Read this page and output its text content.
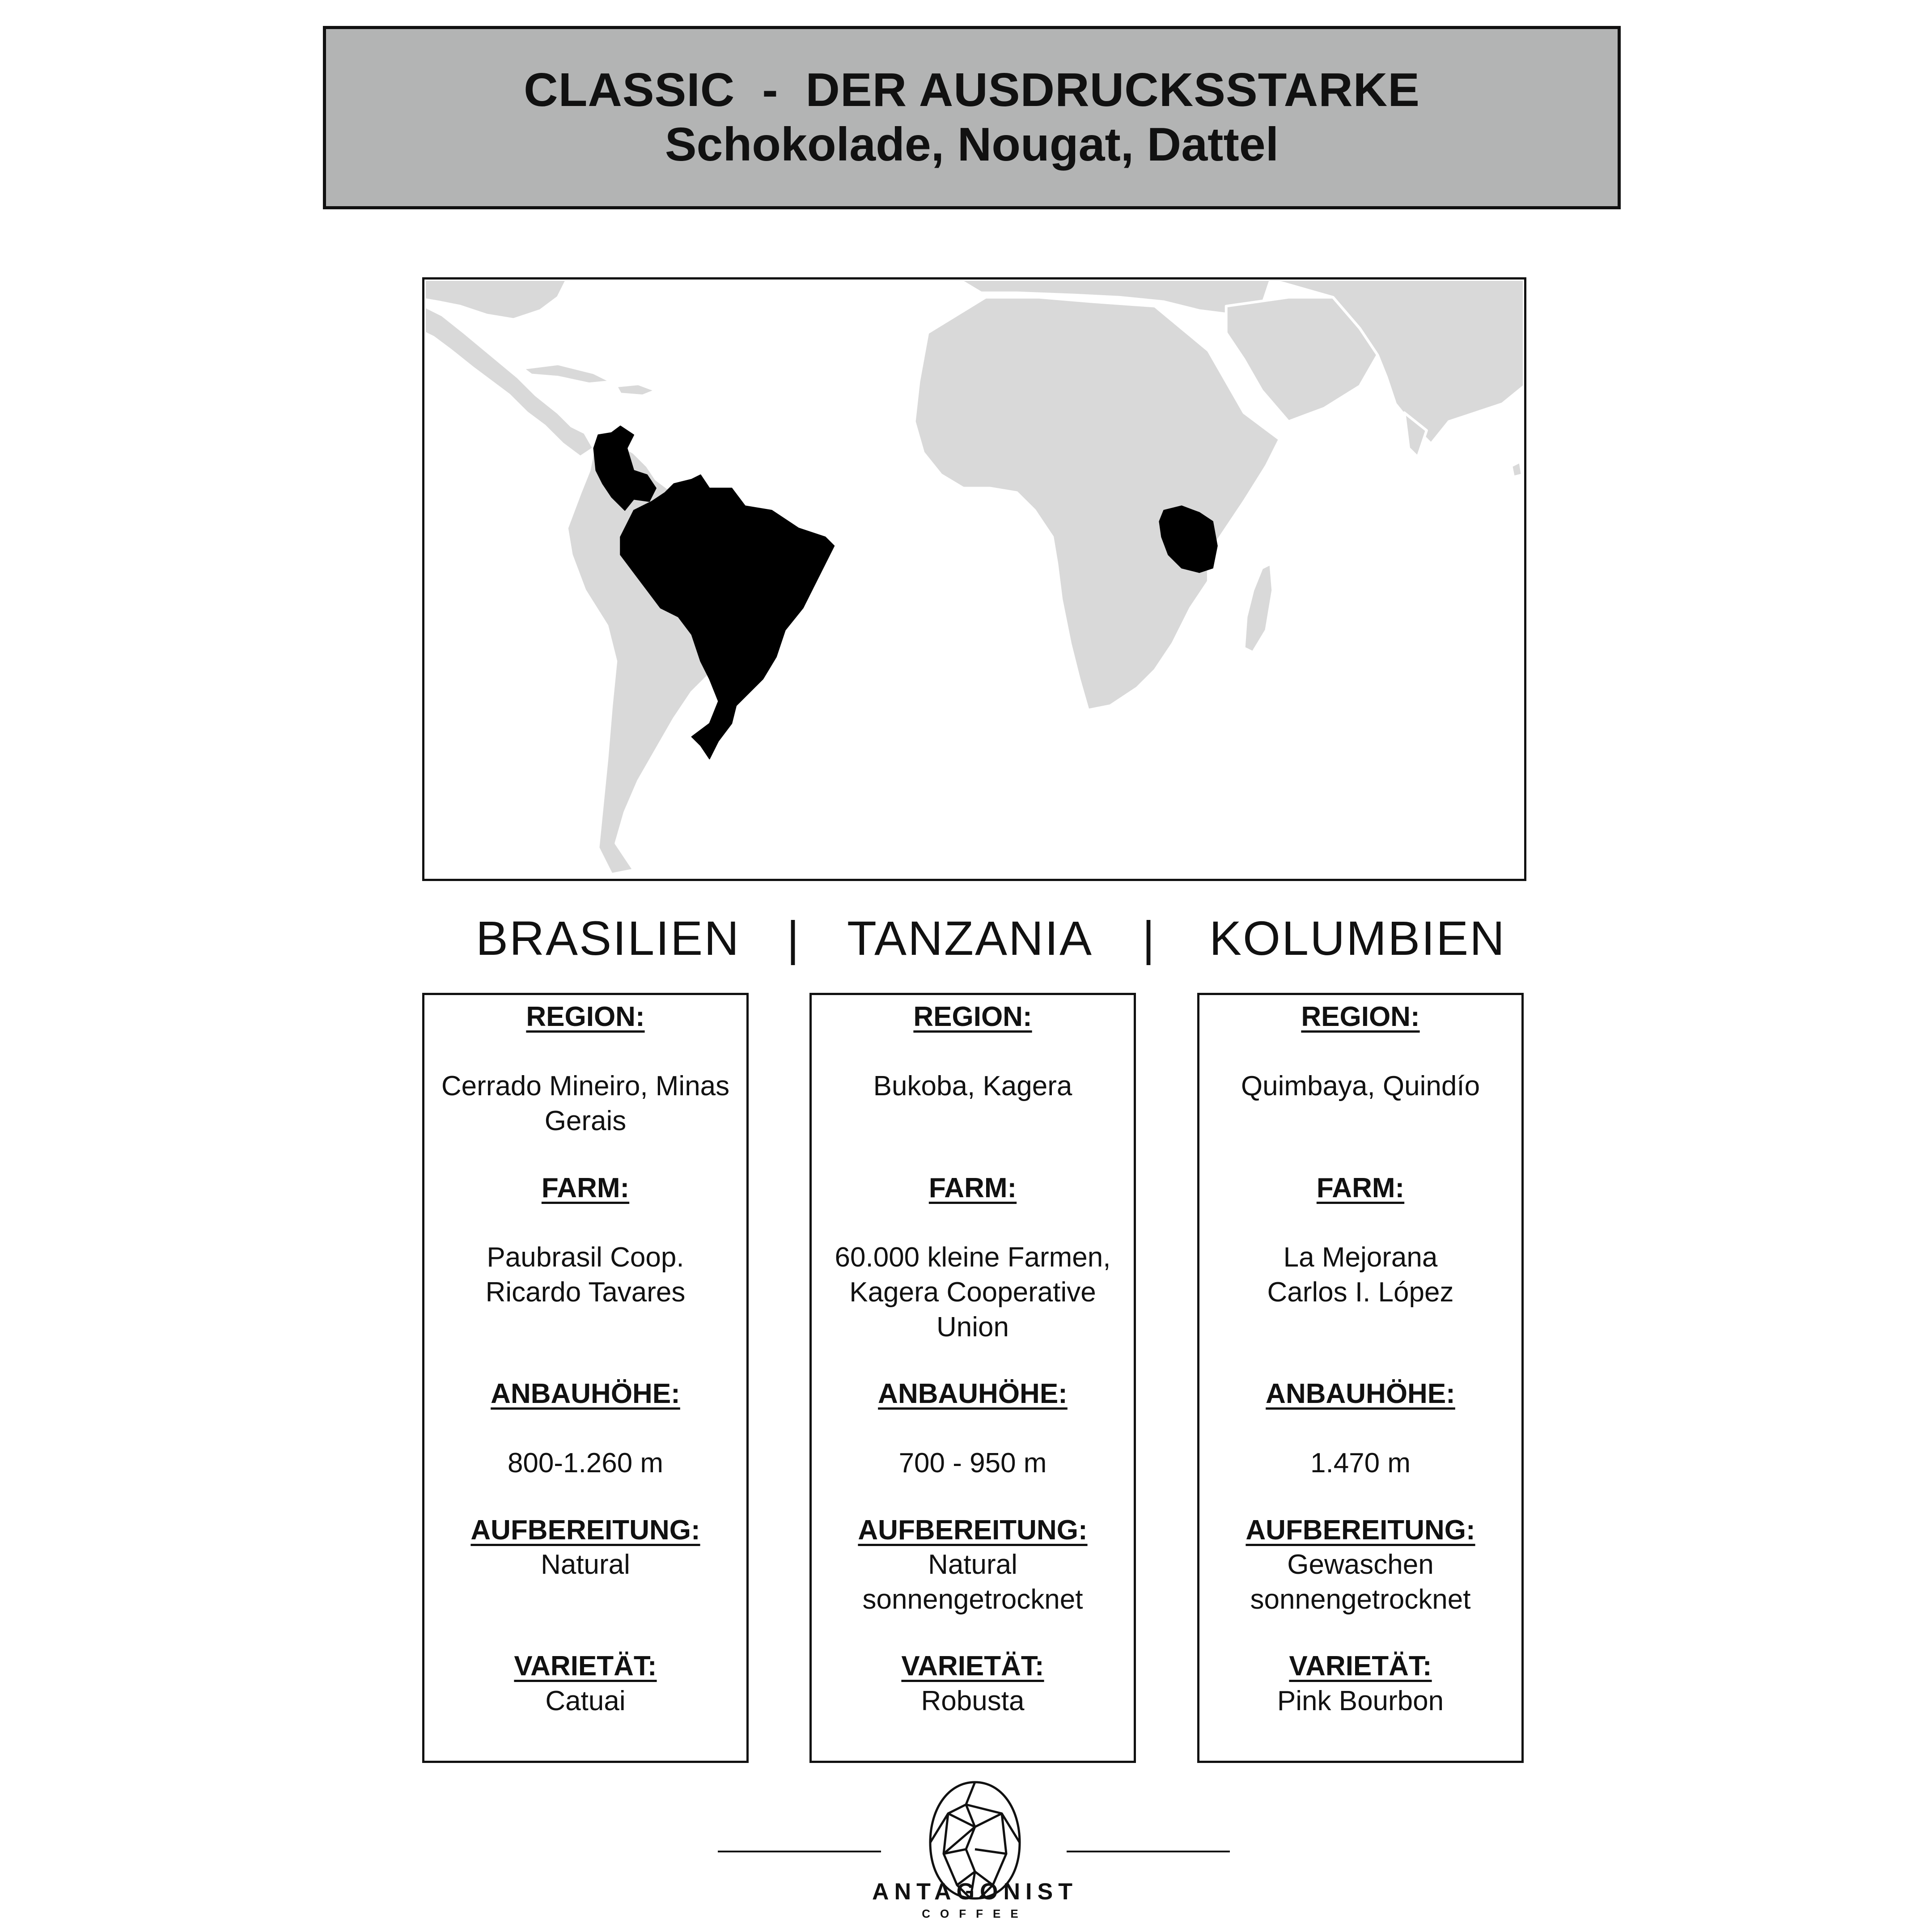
CLASSIC  -  DER AUSDRUCKSSTARKE
Schokolade, Nougat, Dattel
BRASILIEN | TANZANIA | KOLUMBIEN
REGION:
Cerrado Mineiro, Minas
Gerais
FARM:
Paubrasil Coop.
Ricardo Tavares
ANBAUHÖHE:
800-1.260 m
AUFBEREITUNG:
Natural
VARIETÄT:
Catuai
REGION:
Bukoba, Kagera
FARM:
60.000 kleine Farmen,
Kagera Cooperative
Union
ANBAUHÖHE:
700 - 950 m
AUFBEREITUNG:
Natural
sonnengetrocknet
VARIETÄT:
Robusta
REGION:
Quimbaya, Quindío
FARM:
La Mejorana
Carlos I. López
ANBAUHÖHE:
1.470 m
AUFBEREITUNG:
Gewaschen
sonnengetrocknet
VARIETÄT:
Pink Bourbon
ANTAGONIST
COFFEE
